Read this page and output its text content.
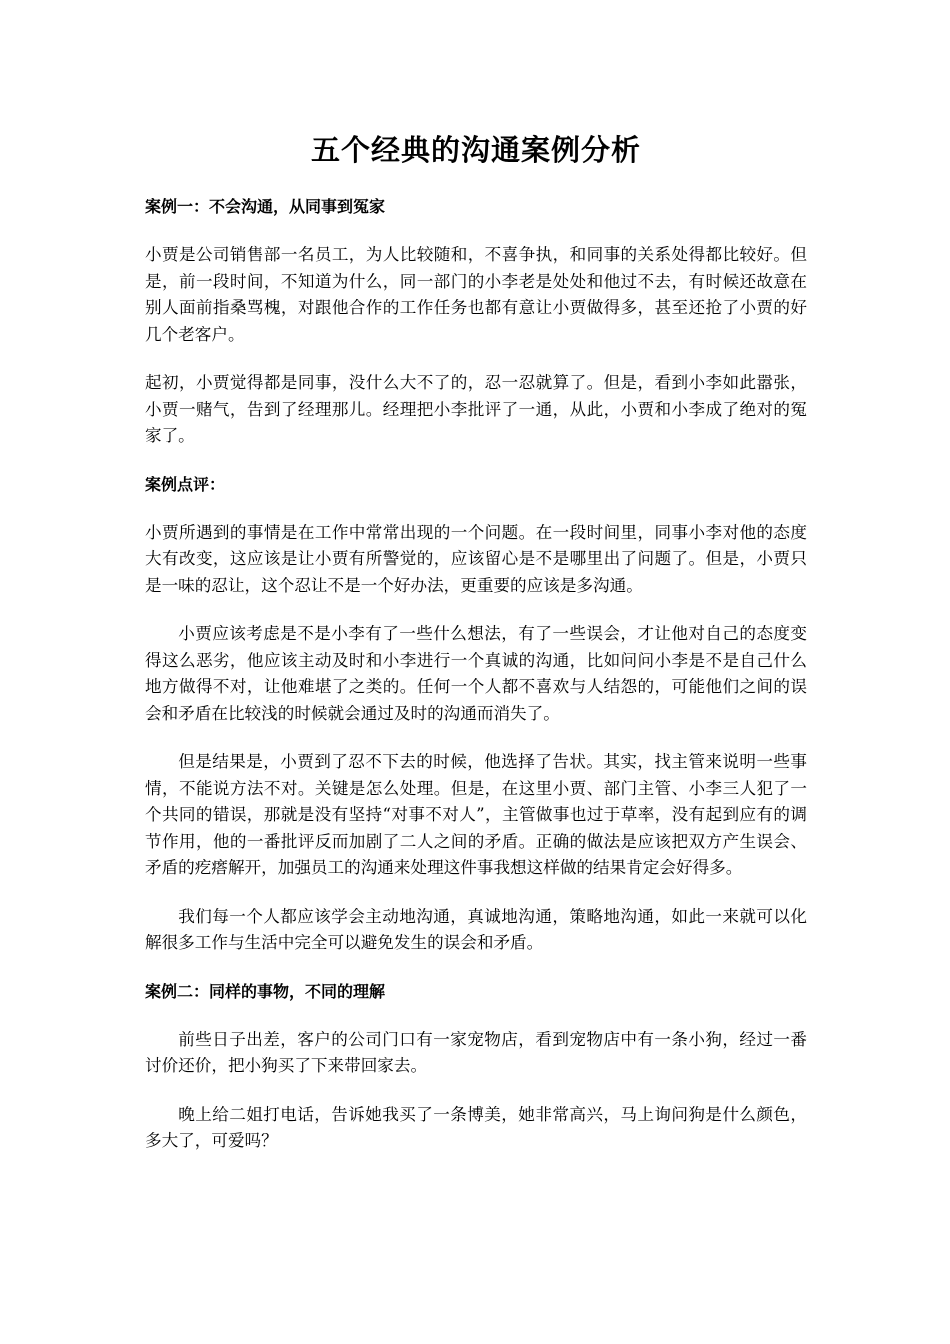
五个经典的沟通案例分析
案例一：不会沟通，从同事到冤家

小贾是公司销售部一名员工，为人比较随和，不喜争执，和同事的关系处得都比较好。但是，前一段时间，不知道为什么，同一部门的小李老是处处和他过不去，有时候还故意在别人面前指桑骂槐，对跟他合作的工作任务也都有意让小贾做得多，甚至还抢了小贾的好几个老客户。

起初，小贾觉得都是同事，没什么大不了的，忍一忍就算了。但是，看到小李如此嚣张，小贾一赌气，告到了经理那儿。经理把小李批评了一通，从此，小贾和小李成了绝对的冤家了。

案例点评：

小贾所遇到的事情是在工作中常常出现的一个问题。在一段时间里，同事小李对他的态度大有改变，这应该是让小贾有所警觉的，应该留心是不是哪里出了问题了。但是，小贾只是一味的忍让，这个忍让不是一个好办法，更重要的应该是多沟通。

小贾应该考虑是不是小李有了一些什么想法，有了一些误会，才让他对自己的态度变得这么恶劣，他应该主动及时和小李进行一个真诚的沟通，比如问问小李是不是自己什么地方做得不对，让他难堪了之类的。任何一个人都不喜欢与人结怨的，可能他们之间的误会和矛盾在比较浅的时候就会通过及时的沟通而消失了。

但是结果是，小贾到了忍不下去的时候，他选择了告状。其实，找主管来说明一些事情，不能说方法不对。关键是怎么处理。但是，在这里小贾、部门主管、小李三人犯了一个共同的错误，那就是没有坚持“对事不对人”，主管做事也过于草率，没有起到应有的调节作用，他的一番批评反而加剧了二人之间的矛盾。正确的做法是应该把双方产生误会、矛盾的疙瘩解开，加强员工的沟通来处理这件事我想这样做的结果肯定会好得多。

我们每一个人都应该学会主动地沟通，真诚地沟通，策略地沟通，如此一来就可以化解很多工作与生活中完全可以避免发生的误会和矛盾。

案例二：同样的事物，不同的理解

前些日子出差，客户的公司门口有一家宠物店，看到宠物店中有一条小狗，经过一番讨价还价，把小狗买了下来带回家去。

晚上给二姐打电话，告诉她我买了一条博美，她非常高兴，马上询问狗是什么颜色，多大了，可爱吗？
